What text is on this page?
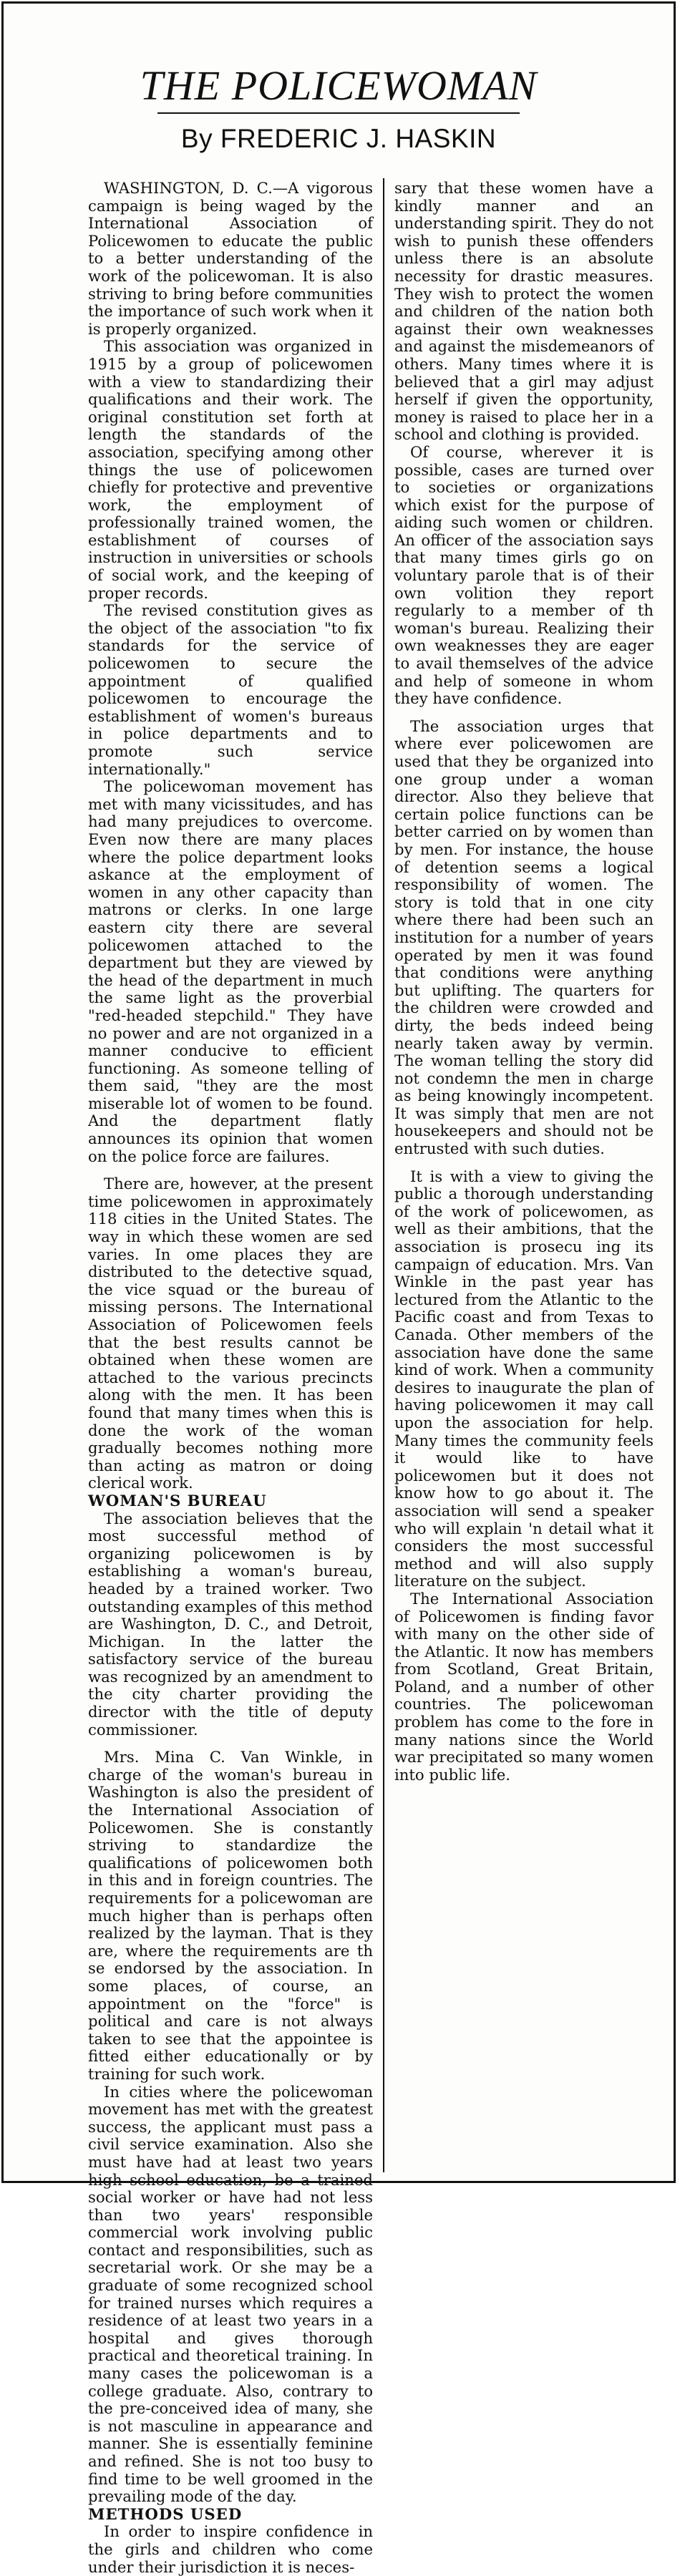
THE POLICEWOMAN
By FREDERIC J. HASKIN

WASHINGTON, D. C.—A vigorous campaign is being waged by the International Association of Policewomen to educate the public to a better understanding of the work of the policewoman. It is also striving to bring before communities the importance of such work when it is properly organized.

This association was organized in 1915 by a group of policewomen with a view to standardizing their qualifications and their work. The original constitution set forth at length the standards of the association, specifying among other things the use of policewomen chiefly for protective and preventive work, the employment of professionally trained women, the establishment of courses of instruction in universities or schools of social work, and the keeping of proper records.

The revised constitution gives as the object of the association "to fix standards for the service of policewomen to secure the appointment of qualified policewomen to encourage the establishment of women's bureaus in police departments and to promote such service internationally."

The policewoman movement has met with many vicissitudes, and has had many prejudices to overcome. Even now there are many places where the police department looks askance at the employment of women in any other capacity than matrons or clerks. In one large eastern city there are several policewomen attached to the department but they are viewed by the head of the department in much the same light as the proverbial "red-headed stepchild." They have no power and are not organized in a manner conducive to efficient functioning. As someone telling of them said, "they are the most miserable lot of women to be found. And the department flatly announces its opinion that women on the police force are failures.

There are, however, at the present time policewomen in approximately 118 cities in the United States. The way in which these women are sed varies. In ome places they are distributed to the detective squad, the vice squad or the bureau of missing persons. The International Association of Policewomen feels that the best results cannot be obtained when these women are attached to the various precincts along with the men. It has been found that many times when this is done the work of the woman gradually becomes nothing more than acting as matron or doing clerical work.

WOMAN'S BUREAU

The association believes that the most successful method of organizing policewomen is by establishing a woman's bureau, headed by a trained worker. Two outstanding examples of this method are Washington, D. C., and Detroit, Michigan. In the latter the satisfactory service of the bureau was recognized by an amendment to the city charter providing the director with the title of deputy commissioner.

Mrs. Mina C. Van Winkle, in charge of the woman's bureau in Washington is also the president of the International Association of Policewomen. She is constantly striving to standardize the qualifications of policewomen both in this and in foreign countries. The requirements for a policewoman are much higher than is perhaps often realized by the layman. That is they are, where the requirements are th se endorsed by the association. In some places, of course, an appointment on the "force" is political and care is not always taken to see that the appointee is fitted either educationally or by training for such work.

In cities where the policewoman movement has met with the greatest success, the applicant must pass a civil service examination. Also she must have had at least two years high school education, be a trained social worker or have had not less than two years' responsible commercial work involving public contact and responsibilities, such as secretarial work. Or she may be a graduate of some recognized school for trained nurses which requires a residence of at least two years in a hospital and gives thorough practical and theoretical training. In many cases the policewoman is a college graduate. Also, contrary to the pre-conceived idea of many, she is not masculine in appearance and manner. She is essentially feminine and refined. She is not too busy to find time to be well groomed in the prevailing mode of the day.

METHODS USED

In order to inspire confidence in the girls and children who come under their jurisdiction it is neces-

sary that these women have a kindly manner and an understanding spirit. They do not wish to punish these offenders unless there is an absolute necessity for drastic measures. They wish to protect the women and children of the nation both against their own weaknesses and against the misdemeanors of others. Many times where it is believed that a girl may adjust herself if given the opportunity, money is raised to place her in a school and clothing is provided.

Of course, wherever it is possible, cases are turned over to societies or organizations which exist for the purpose of aiding such women or children. An officer of the association says that many times girls go on voluntary parole that is of their own volition they report regularly to a member of th woman's bureau. Realizing their own weaknesses they are eager to avail themselves of the advice and help of someone in whom they have confidence.

The association urges that where ever policewomen are used that they be organized into one group under a woman director. Also they believe that certain police functions can be better carried on by women than by men. For instance, the house of detention seems a logical responsibility of women. The story is told that in one city where there had been such an institution for a number of years operated by men it was found that conditions were anything but uplifting. The quarters for the children were crowded and dirty, the beds indeed being nearly taken away by vermin. The woman telling the story did not condemn the men in charge as being knowingly incompetent. It was simply that men are not housekeepers and should not be entrusted with such duties.

It is with a view to giving the public a thorough understanding of the work of policewomen, as well as their ambitions, that the association is prosecu ing its campaign of education. Mrs. Van Winkle in the past year has lectured from the Atlantic to the Pacific coast and from Texas to Canada. Other members of the association have done the same kind of work. When a community desires to inaugurate the plan of having policewomen it may call upon the association for help. Many times the community feels it would like to have policewomen but it does not know how to go about it. The association will send a speaker who will explain 'n detail what it considers the most successful method and will also supply literature on the subject.

The International Association of Policewomen is finding favor with many on the other side of the Atlantic. It now has members from Scotland, Great Britain, Poland, and a number of other countries. The policewoman problem has come to the fore in many nations since the World war precipitated so many women into public life.
